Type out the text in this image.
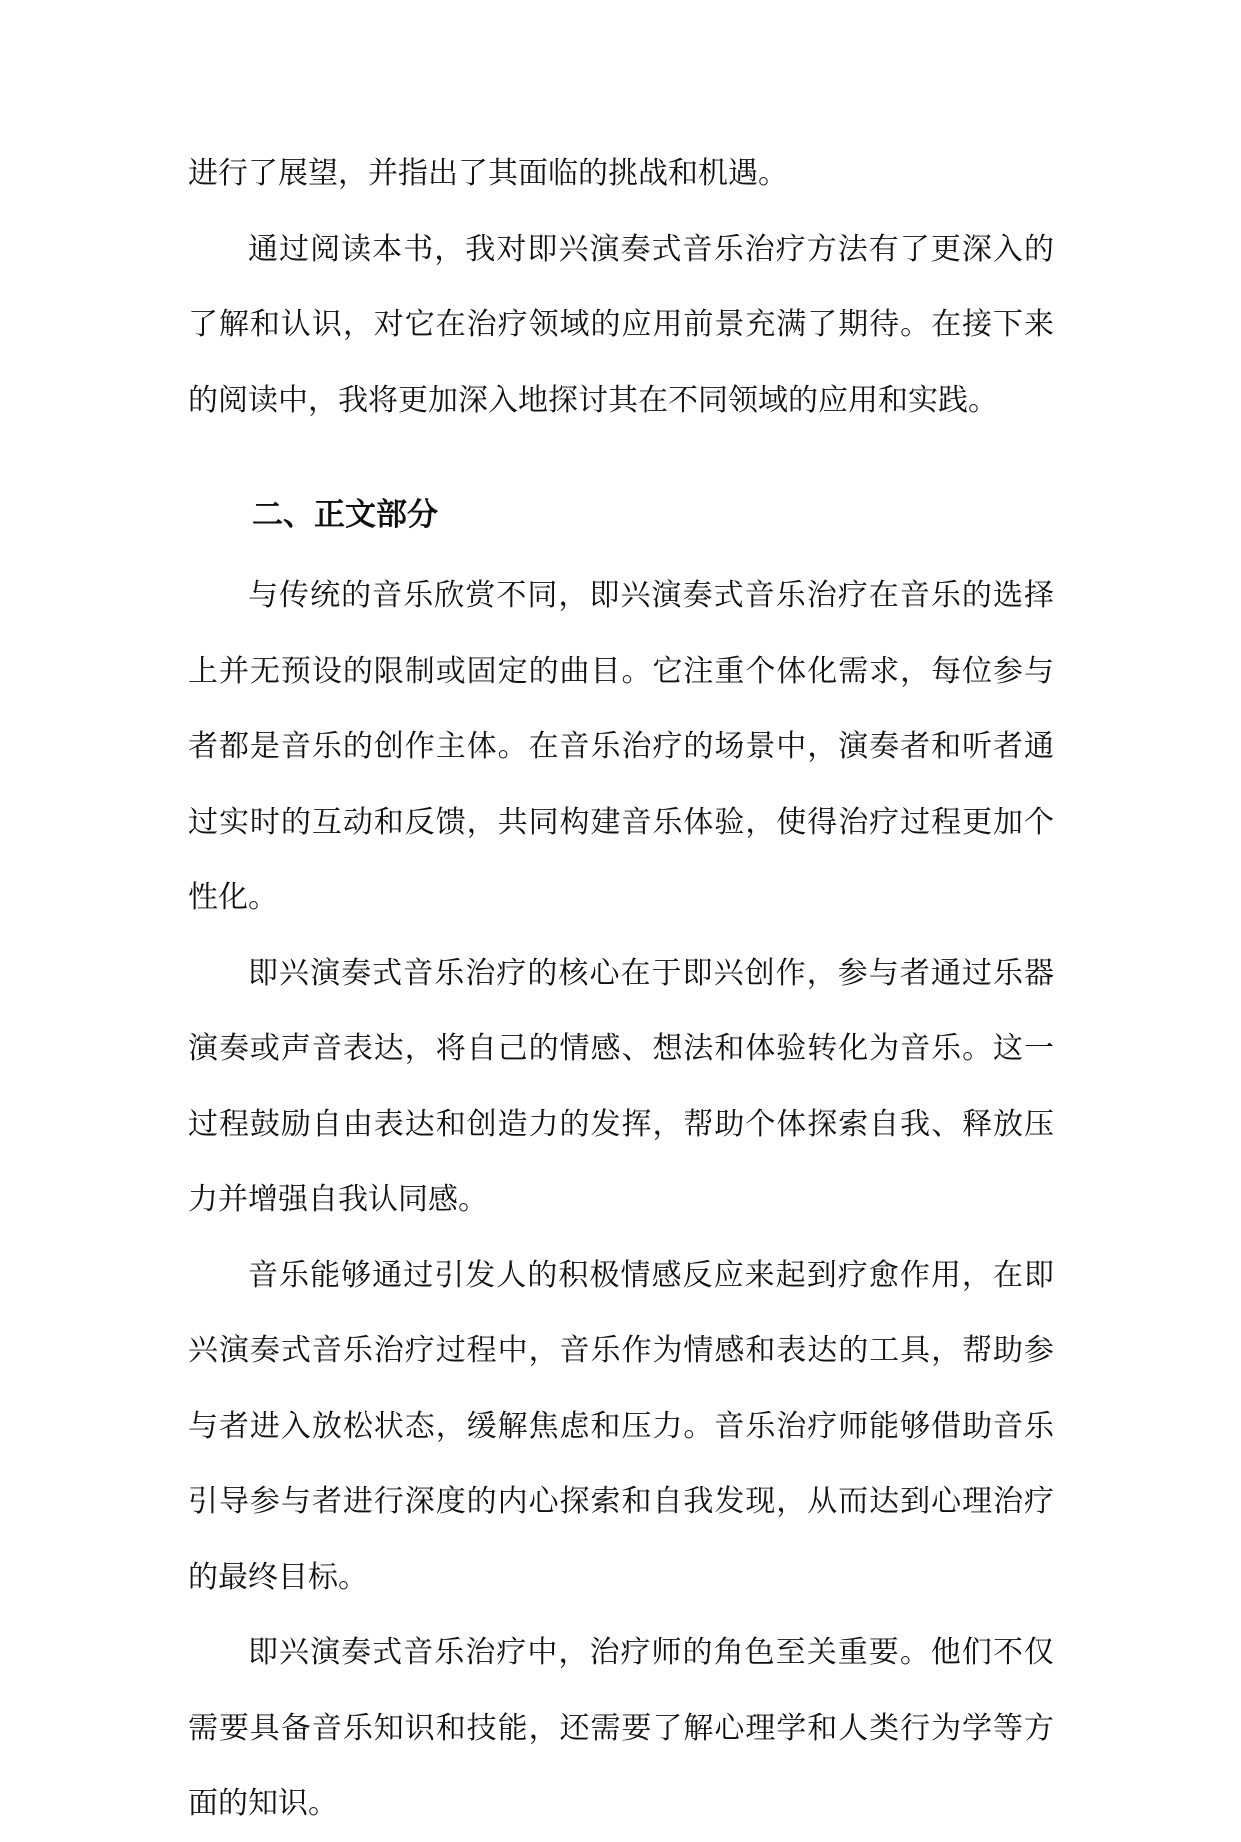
进行了展望，并指出了其面临的挑战和机遇。

通过阅读本书，我对即兴演奏式音乐治疗方法有了更深入的了解和认识，对它在治疗领域的应用前景充满了期待。在接下来的阅读中，我将更加深入地探讨其在不同领域的应用和实践。

二、正文部分

与传统的音乐欣赏不同，即兴演奏式音乐治疗在音乐的选择上并无预设的限制或固定的曲目。它注重个体化需求，每位参与者都是音乐的创作主体。在音乐治疗的场景中，演奏者和听者通过实时的互动和反馈，共同构建音乐体验，使得治疗过程更加个性化。

即兴演奏式音乐治疗的核心在于即兴创作，参与者通过乐器演奏或声音表达，将自己的情感、想法和体验转化为音乐。这一过程鼓励自由表达和创造力的发挥，帮助个体探索自我、释放压力并增强自我认同感。

音乐能够通过引发人的积极情感反应来起到疗愈作用，在即兴演奏式音乐治疗过程中，音乐作为情感和表达的工具，帮助参与者进入放松状态，缓解焦虑和压力。音乐治疗师能够借助音乐引导参与者进行深度的内心探索和自我发现，从而达到心理治疗的最终目标。

即兴演奏式音乐治疗中，治疗师的角色至关重要。他们不仅需要具备音乐知识和技能，还需要了解心理学和人类行为学等方面的知识。
